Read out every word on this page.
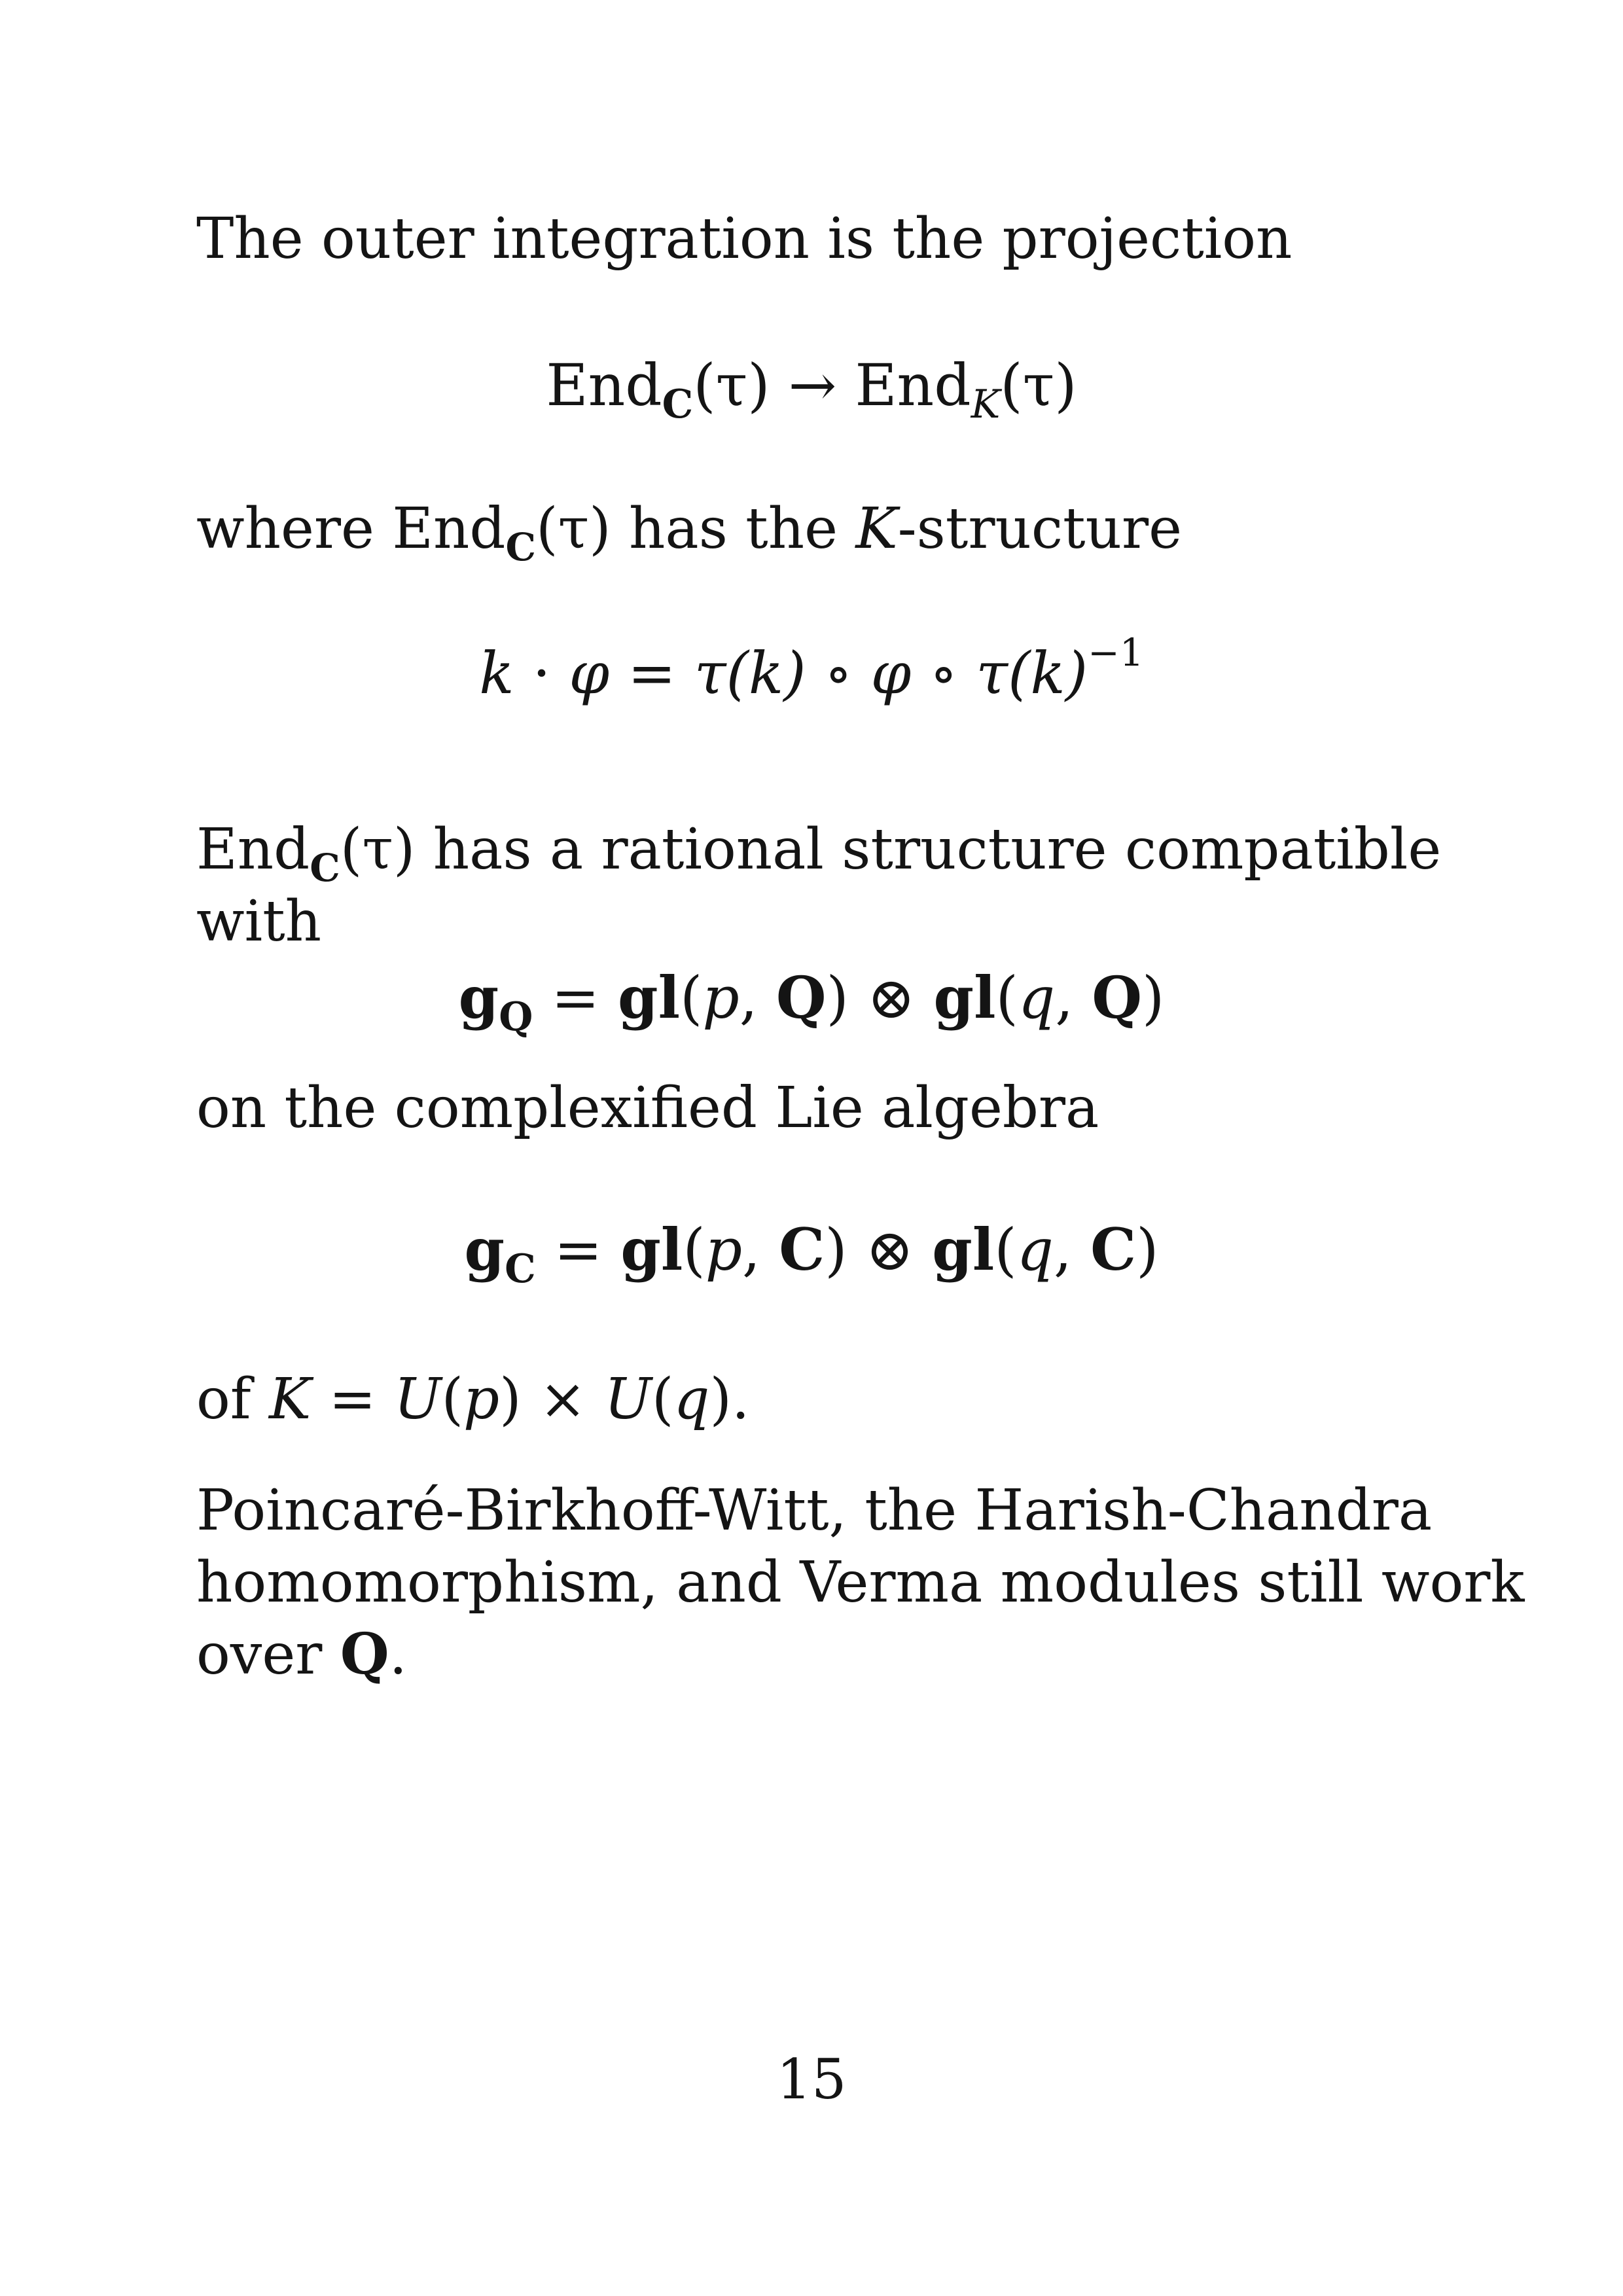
The outer integration is the projection
End$_C$(τ) → End$_K$(τ)
where End$_C$(τ) has the K-structure
k · φ = τ(k) ∘ φ ∘ $\tau(k)^{-1}$
End$_C$(τ) has a rational structure compatible
with
$g_Q = gl(p$, Q) ⊗ gl(q, Q)
on the complexified Lie algebra
$g_C = gl(p$, C) ⊗ gl(q, C)
of K = U(p) × U(q).
Poincaré-Birkhoff-Witt, the Harish-Chandra
homomorphism, and Verma modules still work
over Q.
15
